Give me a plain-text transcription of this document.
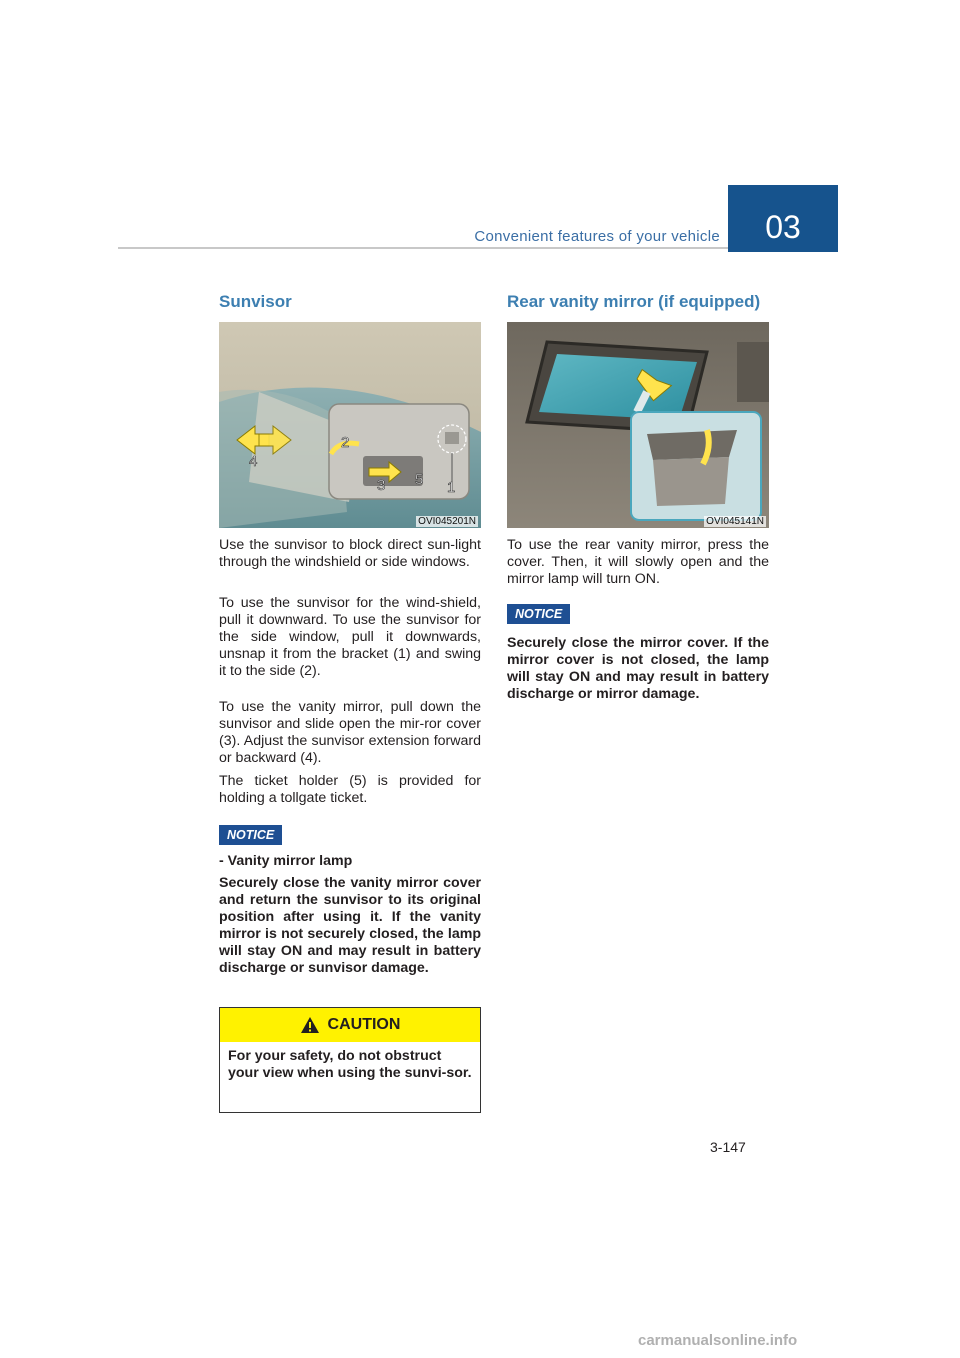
Convenient features of your vehicle 03
Sunvisor
2
4
3 5 1
OVI045201N

Use the sunvisor to block direct sun-light through the windshield or side windows.

To use the sunvisor for the wind-shield, pull it downward. To use the sunvisor for the side window, pull it downwards, unsnap it from the bracket (1) and swing it to the side (2).

To use the vanity mirror, pull down the sunvisor and slide open the mir-ror cover (3). Adjust the sunvisor extension forward or backward (4).

The ticket holder (5) is provided for holding a tollgate ticket.

NOTICE

- Vanity mirror lamp

Securely close the vanity mirror cover and return the sunvisor to its original position after using it. If the vanity mirror is not securely closed, the lamp will stay ON and may result in battery discharge or sunvisor damage.

CAUTION
For your safety, do not obstruct your view when using the sunvi-sor.
Rear vanity mirror (if equipped)
OVI045141N

To use the rear vanity mirror, press the cover. Then, it will slowly open and the mirror lamp will turn ON.

NOTICE

Securely close the mirror cover. If the mirror cover is not closed, the lamp will stay ON and may result in battery discharge or mirror damage.

3-147
carmanualsonline.info
